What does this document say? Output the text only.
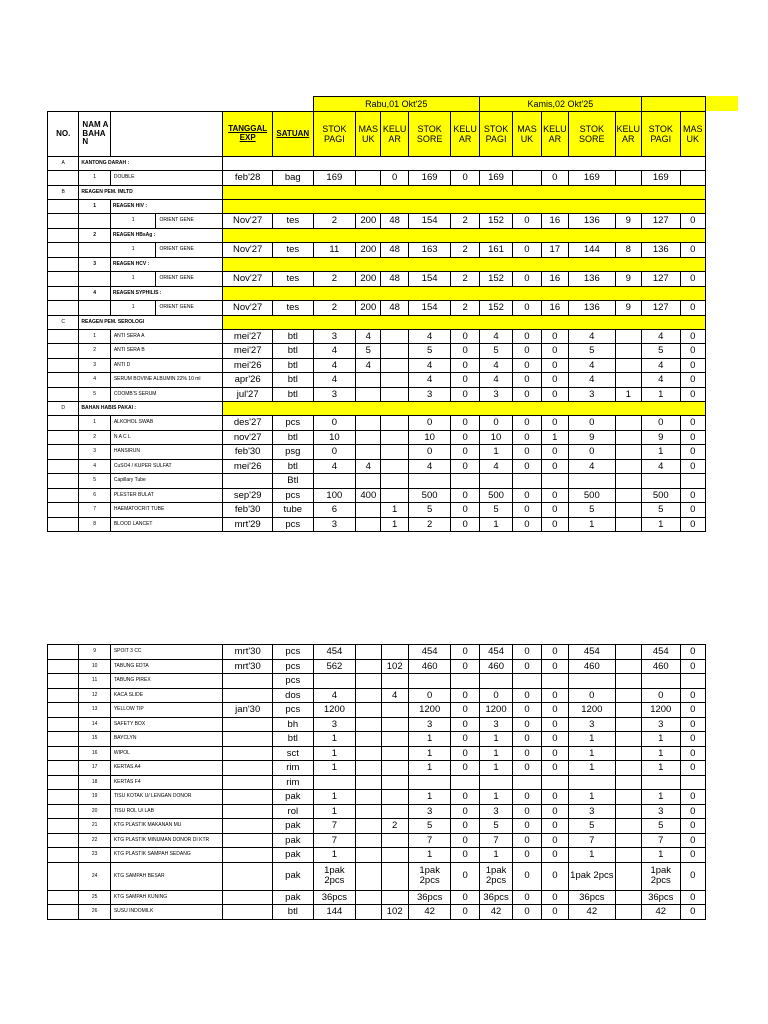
						Rabu,01 Okt'25					Kamis,02 Okt'25						
NO.	NAM A BAHA N			TANGGAL EXP	SATUAN	STOK PAGI	MAS UK	KELU AR	STOK SORE	KELU AR	STOK PAGI	MAS UK	KELU AR	STOK SORE	KELU AR	STOK PAGI	MAS UK
A	KANTONG DARAH :																
	1	DOUBLE		feb'28	bag	169		0	169	0	169		0	169		169	
B	REAGEN PEM. IMLTD																
	1	REAGEN HIV :															
		1	ORIENT GENE	Nov'27	tes	2	200	48	154	2	152	0	16	136	9	127	0
	2	REAGEN HBsAg :															
		1	ORIENT GENE	Nov'27	tes	11	200	48	163	2	161	0	17	144	8	136	0
	3	REAGEN HCV :															
		1	ORIENT GENE	Nov'27	tes	2	200	48	154	2	152	0	16	136	9	127	0
	4	REAGEN SYPHILIS :															
		1	ORIENT GENE	Nov'27	tes	2	200	48	154	2	152	0	16	136	9	127	0
C	REAGEN PEM. SEROLOGI																
	1	ANTI SERA A		mei'27	btl	3	4		4	0	4	0	0	4		4	0
	2	ANTI SERA B		mei'27	btl	4	5		5	0	5	0	0	5		5	0
	3	ANTI D		mei'26	btl	4	4		4	0	4	0	0	4		4	0
	4	SERUM BOVINE ALBUMIN 22% 10 ml		apr'26	btl	4			4	0	4	0	0	4		4	0
	5	COOMB'S SERUM		jul'27	btl	3			3	0	3	0	0	3	1	1	0
D	BAHAN HABIS PAKAI :																
	1	ALKOHOL SWAB		des'27	pcs	0			0	0	0	0	0	0		0	0
	2	N A C L		nov'27	btl	10			10	0	10	0	1	9		9	0
	3	HANSIRUN		feb'30	psg	0			0	0	1	0	0	0		1	0
	4	CuSO4 / KUPER SULFAT		mei'26	btl	4	4		4	0	4	0	0	4		4	0
	5	Capillary Tube			Btl												
	6	PLESTER BULAT		sep'29	pcs	100	400		500	0	500	0	0	500		500	0
	7	HAEMATOCRIT TUBE		feb'30	tube	6		1	5	0	5	0	0	5		5	0
	8	BLOOD LANCET		mrt'29	pcs	3		1	2	0	1	0	0	1		1	0
	9	SPOIT 3 CC	mrt'30	pcs	454			454	0	454	0	0	454		454	0
	10	TABUNG EDTA	mrt'30	pcs	562		102	460	0	460	0	0	460		460	0
	11	TABUNG PIREX		pcs												
	12	KACA SLIDE		dos	4		4	0	0	0	0	0	0		0	0
	13	YELLOW TIP	jan'30	pcs	1200			1200	0	1200	0	0	1200		1200	0
	14	SAFETY BOX		bh	3			3	0	3	0	0	3		3	0
	15	BAYCLYN		btl	1			1	0	1	0	0	1		1	0
	16	WIPOL		sct	1			1	0	1	0	0	1		1	0
	17	KERTAS A4		rim	1			1	0	1	0	0	1		1	0
	18	KERTAS F4		rim												
	19	TISU KOTAK U/ LENGAN DONOR		pak	1			1	0	1	0	0	1		1	0
	20	TISU ROL U/ LAB		rol	1			3	0	3	0	0	3		3	0
	21	KTG PLASTIK MAKANAN MU		pak	7		2	5	0	5	0	0	5		5	0
	22	KTG PLASTIK MINUMAN DONOR DI KTR		pak	7			7	0	7	0	0	7		7	0
	23	KTG PLASTIK SAMPAH SEDANG		pak	1			1	0	1	0	0	1		1	0
	24	KTG SAMPAH BESAR		pak	1pak 2pcs			1pak 2pcs	0	1pak 2pcs	0	0	1pak 2pcs		1pak 2pcs	0
	25	KTG SAMPAH KUNING		pak	36pcs			36pcs	0	36pcs	0	0	36pcs		36pcs	0
	26	SUSU INDOMILK		btl	144		102	42	0	42	0	0	42		42	0
